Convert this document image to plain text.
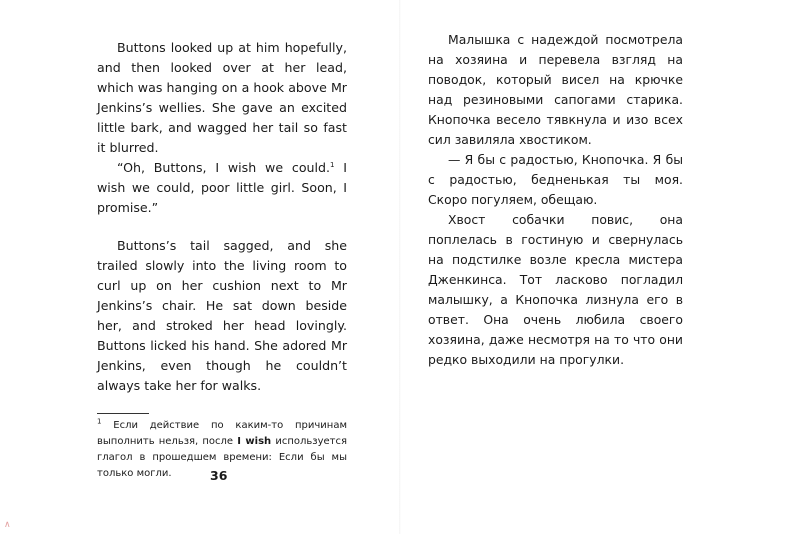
Buttons looked up at him hopefully, and then looked over at her lead, which was hanging on a hook above Mr Jenkins’s wellies. She gave an excited little bark, and wagged her tail so fast it blurred.

“Oh, Buttons, I wish we could.$^1$ I wish we could, poor little girl. Soon, I promise.”

Buttons’s tail sagged, and she trailed slowly into the living room to curl up on her cushion next to Mr Jenkins’s chair. He sat down beside her, and stroked her head lovingly. Buttons licked his hand. She adored Mr Jenkins, even though he couldn’t always take her for walks.

$^1$ Если действие по каким-то причинам выполнить нельзя, после I wish используется глагол в прошедшем времени: Если бы мы только могли.	36

Малышка с надеждой посмотрела на хозяина и перевела взгляд на поводок, который висел на крючке над резиновыми сапогами старика. Кнопочка весело тявкнула и изо всех сил завиляла хвостиком.

— Я бы с радостью, Кнопочка. Я бы с радостью, бедненькая ты моя. Скоро погуляем, обещаю.

Хвост собачки повис, она поплелась в гостиную и свернулась на подстилке возле кресла мистера Дженкинса. Тот ласково погладил малышку, а Кнопочка лизнула его в ответ. Она очень любила своего хозяина, даже несмотря на то что они редко выходили на прогулки.

∧
